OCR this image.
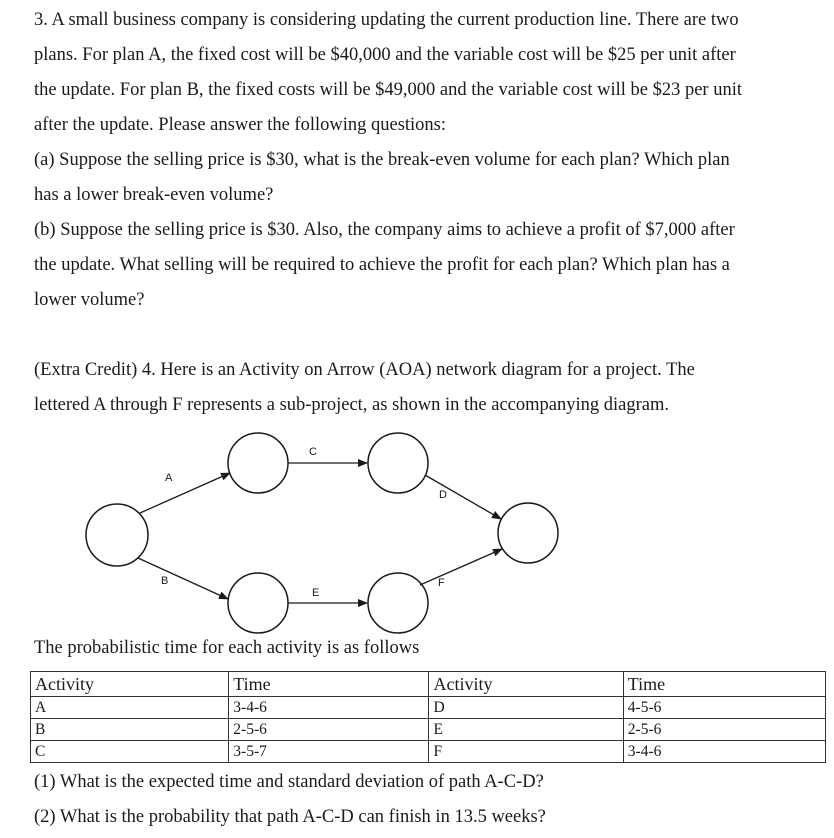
3. A small business company is considering updating the current production line. There are two
plans. For plan A, the fixed cost will be $40,000 and the variable cost will be $25 per unit after
the update. For plan B, the fixed costs will be $49,000 and the variable cost will be $23 per unit
after the update. Please answer the following questions:
(a) Suppose the selling price is $30, what is the break-even volume for each plan? Which plan
has a lower break-even volume?
(b) Suppose the selling price is $30. Also, the company aims to achieve a profit of $7,000 after
the update. What selling will be required to achieve the profit for each plan? Which plan has a
lower volume?
(Extra Credit) 4. Here is an Activity on Arrow (AOA) network diagram for a project. The
lettered A through F represents a sub-project, as shown in the accompanying diagram.
A
B
C
D
E
F
The probabilistic time for each activity is as follows
Activity	Time	Activity	Time
A	3-4-6	D	4-5-6
B	2-5-6	E	2-5-6
C	3-5-7	F	3-4-6
(1) What is the expected time and standard deviation of path A-C-D?
(2) What is the probability that path A-C-D can finish in 13.5 weeks?
